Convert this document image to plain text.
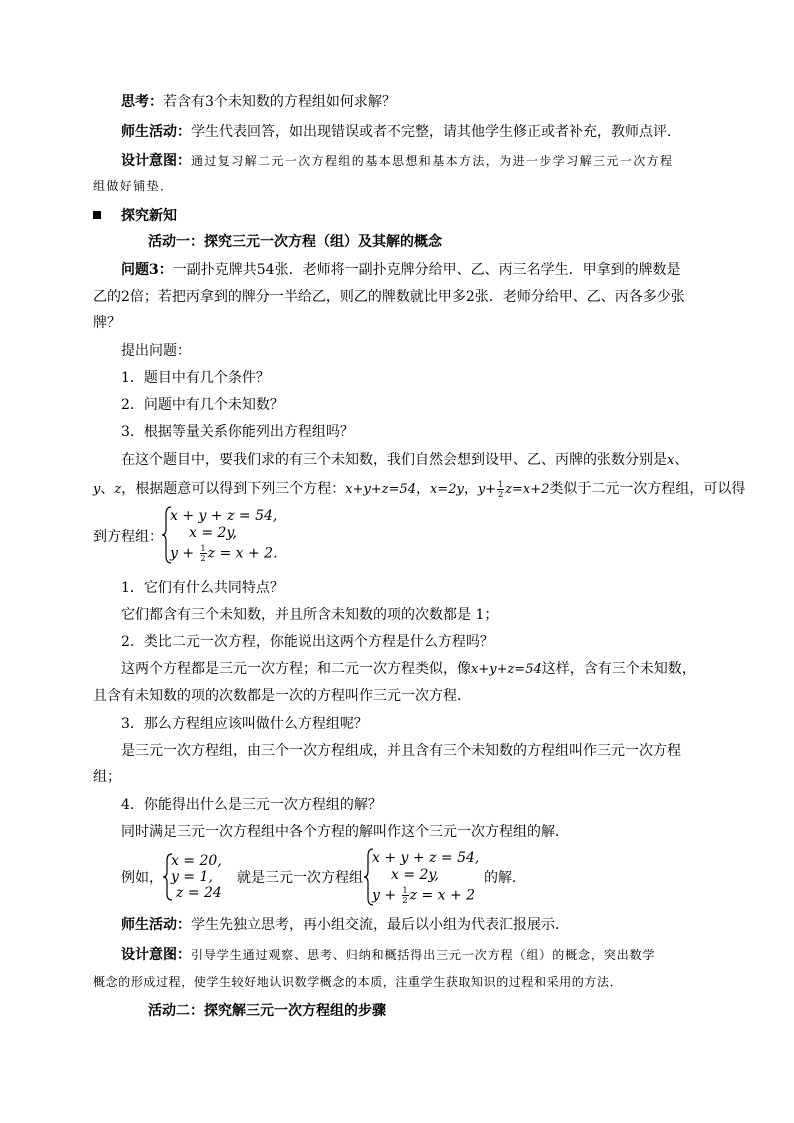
思考：若含有3个未知数的方程组如何求解？

师生活动：学生代表回答，如出现错误或者不完整，请其他学生修正或者补充，教师点评．

设计意图：通过复习解二元一次方程组的基本思想和基本方法，为进一步学习解三元一次方程

组做好铺垫．

探究新知

活动一：探究三元一次方程（组）及其解的概念

问题3：一副扑克牌共54张．老师将一副扑克牌分给甲、乙、丙三名学生．甲拿到的牌数是

乙的2倍；若把丙拿到的牌分一半给乙，则乙的牌数就比甲多2张．老师分给甲、乙、丙各多少张

牌？

提出问题：

1．题目中有几个条件？

2．问题中有几个未知数？

3．根据等量关系你能列出方程组吗？

在这个题目中，要我们求的有三个未知数，我们自然会想到设甲、乙、丙牌的张数分别是x、

y、z，根据题意可以得到下列三个方程：x+y+z=54，x=2y，$y+ \frac{1}{2} z=x+2$类似于二元一次方程组，可以得

到方程组：
x + y + z = 54,
x = 2y,
$y + \frac{1}{2}$ z = x + 2.

1．它们有什么共同特点？

它们都含有三个未知数，并且所含未知数的项的次数都是 1；

2．类比二元一次方程，你能说出这两个方程是什么方程吗？

这两个方程都是三元一次方程；和二元一次方程类似，像x+y+z=54这样，含有三个未知数，

且含有未知数的项的次数都是一次的方程叫作三元一次方程．

3．那么方程组应该叫做什么方程组呢？

是三元一次方程组，由三个一次方程组成，并且含有三个未知数的方程组叫作三元一次方程

组；

4．你能得出什么是三元一次方程组的解？

同时满足三元一次方程组中各个方程的解叫作这个三元一次方程组的解．

例如，
x = 20,
y = 1,
z = 24
就是三元一次方程组
x + y + z = 54,
x = 2y,
$y + \frac{1}{2}$ z = x + 2
的解．

师生活动：学生先独立思考，再小组交流，最后以小组为代表汇报展示．

设计意图：引导学生通过观察、思考、归纳和概括得出三元一次方程（组）的概念，突出数学

概念的形成过程，使学生较好地认识数学概念的本质，注重学生获取知识的过程和采用的方法．

活动二：探究解三元一次方程组的步骤
